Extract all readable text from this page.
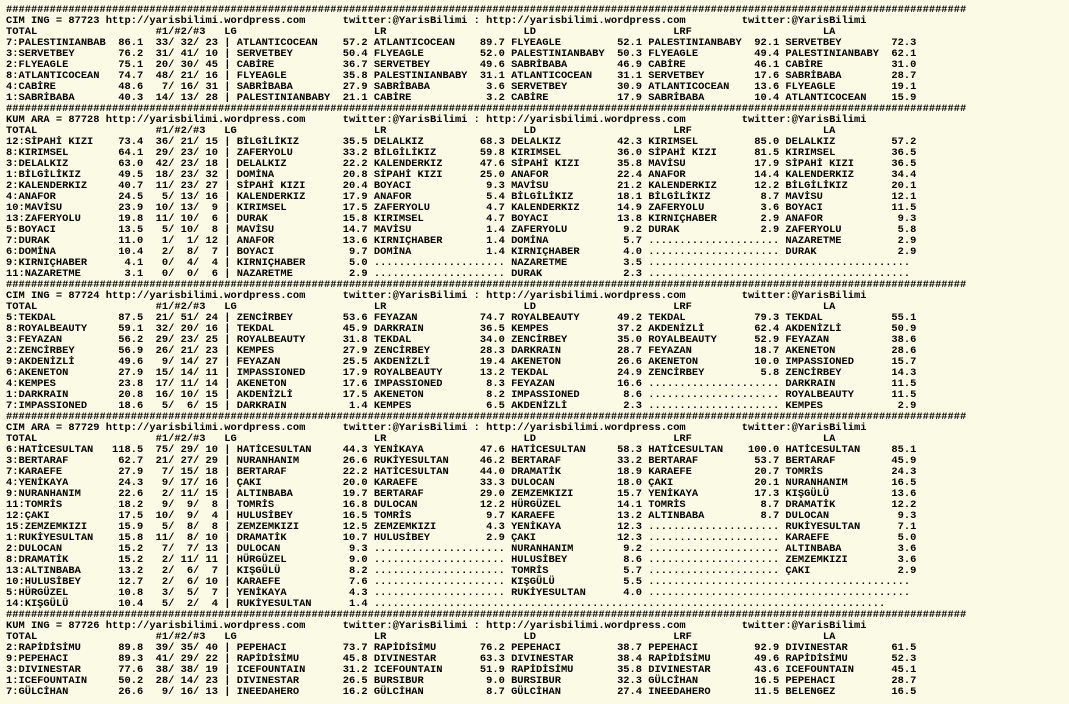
##########################################################################################################################################################
CIM ING = 87723 http://yarisbilimi.wordpress.com      twitter:@YarisBilimi : http://yarisbilimi.wordpress.com         twitter:@YarisBilimi
TOTAL                   #1/#2/#3   LG                      LR                      LD                      LRF                     LA
7:PALESTINIANBAB  86.1  33/ 32/ 23 | ATLANTICOCEAN    57.2 ATLANTICOCEAN    89.7 FLYEAGLE         52.1 PALESTINIANBABY  92.1 SERVETBEY        72.3
3:SERVETBEY       76.2  31/ 41/ 10 | SERVETBEY        50.4 FLYEAGLE         52.0 PALESTINIANBABY  50.3 FLYEAGLE         49.4 PALESTINIANBABY  62.1
2:FLYEAGLE        75.1  20/ 30/ 45 | CABİRE           36.7 SERVETBEY        49.6 SABRİBABA        46.9 CABİRE           46.1 CABİRE           31.0
8:ATLANTICOCEAN   74.7  48/ 21/ 16 | FLYEAGLE         35.8 PALESTINIANBABY  31.1 ATLANTICOCEAN    31.1 SERVETBEY        17.6 SABRİBABA        28.7
4:CABİRE          48.6   7/ 16/ 31 | SABRİBABA        27.9 SABRİBABA         3.6 SERVETBEY        30.9 ATLANTICOCEAN    13.6 FLYEAGLE         19.1
1:SABRİBABA       40.3  14/ 13/ 28 | PALESTINIANBABY  21.1 CABİRE            3.2 CABİRE           17.9 SABRİBABA        10.4 ATLANTICOCEAN    15.9
##########################################################################################################################################################
KUM ARA = 87728 http://yarisbilimi.wordpress.com      twitter:@YarisBilimi : http://yarisbilimi.wordpress.com         twitter:@YarisBilimi
TOTAL                   #1/#2/#3   LG                      LR                      LD                      LRF                     LA
12:SİPAHİ KIZI    73.4  36/ 21/ 15 | BİLGİLİKIZ       35.5 DELALKIZ         68.3 DELALKIZ         42.3 KIRIMSEL         85.0 DELALKIZ         57.2
8:KIRIMSEL        64.1  29/ 23/ 10 | ZAFERYOLU        33.2 BİLGİLİKIZ       59.8 KIRIMSEL         36.0 SİPAHİ KIZI      81.5 KIRIMSEL         36.5
3:DELALKIZ        63.0  42/ 23/ 18 | DELALKIZ         22.2 KALENDERKIZ      47.6 SİPAHİ KIZI      35.8 MAVİSU           17.9 SİPAHİ KIZI      36.5
1:BİLGİLİKIZ      49.5  18/ 23/ 32 | DOMİNA           20.8 SİPAHİ KIZI      25.0 ANAFOR           22.4 ANAFOR           14.4 KALENDERKIZ      34.4
2:KALENDERKIZ     40.7  11/ 23/ 27 | SİPAHİ KIZI      20.4 BOYACI            9.3 MAVİSU           21.2 KALENDERKIZ      12.2 BİLGİLİKIZ       20.1
4:ANAFOR          24.5   5/ 13/ 16 | KALENDERKIZ      17.9 ANAFOR            5.4 BİLGİLİKIZ       18.1 BİLGİLİKIZ        8.7 MAVİSU           12.1
10:MAVİSU         23.9  10/ 13/  9 | KIRIMSEL         17.5 ZAFERYOLU         4.7 KALENDERKIZ      14.9 ZAFERYOLU         3.6 BOYACI           11.5
13:ZAFERYOLU      19.8  11/ 10/  6 | DURAK            15.8 KIRIMSEL          4.7 BOYACI           13.8 KIRNIÇHABER       2.9 ANAFOR            9.3
5:BOYACI          13.5   5/ 10/  8 | MAVİSU           14.7 MAVİSU            1.4 ZAFERYOLU         9.2 DURAK             2.9 ZAFERYOLU         5.8
7:DURAK           11.0   1/  1/ 12 | ANAFOR           13.6 KIRNIÇHABER       1.4 DOMİNA            5.7 ..................... NAZARETME         2.9
6:DOMİNA          10.4   2/  8/  7 | BOYACI            9.7 DOMİNA            1.4 KIRNIÇHABER       4.0 ..................... DURAK             2.9
9:KIRNIÇHABER      4.1   0/  4/  4 | KIRNIÇHABER       5.0 ..................... NAZARETME         3.5 ..........................................
11:NAZARETME       3.1   0/  0/  6 | NAZARETME         2.9 ..................... DURAK             2.3 ..........................................
##########################################################################################################################################################
CIM ING = 87724 http://yarisbilimi.wordpress.com      twitter:@YarisBilimi : http://yarisbilimi.wordpress.com         twitter:@YarisBilimi
TOTAL                   #1/#2/#3   LG                      LR                      LD                      LRF                     LA
5:TEKDAL          87.5  21/ 51/ 24 | ZENCİRBEY        53.6 FEYAZAN          74.7 ROYALBEAUTY      49.2 TEKDAL           79.3 TEKDAL           55.1
8:ROYALBEAUTY     59.1  32/ 20/ 16 | TEKDAL           45.9 DARKRAIN         36.5 KEMPES           37.2 AKDENİZLİ        62.4 AKDENİZLİ        50.9
3:FEYAZAN         56.2  29/ 23/ 25 | ROYALBEAUTY      31.8 TEKDAL           34.0 ZENCİRBEY        35.0 ROYALBEAUTY      52.9 FEYAZAN          38.6
2:ZENCİRBEY       56.9  26/ 21/ 23 | KEMPES           27.9 ZENCİRBEY        28.3 DARKRAIN         28.7 FEYAZAN          18.7 AKENETON         28.6
9:AKDENİZLİ       49.6   9/ 14/ 27 | FEYAZAN          25.5 AKDENİZLİ        19.4 AKENETON         26.6 AKENETON         10.0 IMPASSIONED      15.7
6:AKENETON        27.9  15/ 14/ 11 | IMPASSIONED      17.9 ROYALBEAUTY      13.2 TEKDAL           24.9 ZENCİRBEY         5.8 ZENCİRBEY        14.3
4:KEMPES          23.8  17/ 11/ 14 | AKENETON         17.6 IMPASSIONED       8.3 FEYAZAN          16.6 ..................... DARKRAIN         11.5
1:DARKRAIN        20.8  16/ 10/ 15 | AKDENİZLİ        17.5 AKENETON          8.2 IMPASSIONED       8.6 ..................... ROYALBEAUTY      11.5
7:IMPASSIONED     18.6   5/  6/ 15 | DARKRAIN          1.4 KEMPES            6.5 AKDENİZLİ         2.3 ..................... KEMPES            2.9
##########################################################################################################################################################
CIM ARA = 87729 http://yarisbilimi.wordpress.com      twitter:@YarisBilimi : http://yarisbilimi.wordpress.com         twitter:@YarisBilimi
TOTAL                   #1/#2/#3   LG                      LR                      LD                      LRF                     LA
6:HATİCESULTAN   118.5  75/ 29/ 10 | HATİCESULTAN     44.3 YENİKAYA         47.6 HATİCESULTAN     58.3 HATİCESULTAN    100.0 HATİCESULTAN     85.1
3:BERTARAF        62.7  21/ 27/ 29 | NURANHANIM       26.6 RUKİYESULTAN     46.2 BERTARAF         33.2 BERTARAF         53.7 BERTARAF         45.9
7:KARAEFE         27.9   7/ 15/ 18 | BERTARAF         22.2 HATİCESULTAN     44.0 DRAMATİK         18.9 KARAEFE          20.7 TOMRİS           24.3
4:YENİKAYA        24.3   9/ 17/ 16 | ÇAKI             20.0 KARAEFE          33.3 DULOCAN          18.0 ÇAKI             20.1 NURANHANIM       16.5
9:NURANHANIM      22.6   2/ 11/ 15 | ALTINBABA        19.7 BERTARAF         29.0 ZEMZEMKIZI       15.7 YENİKAYA         17.3 KIŞGÜLÜ          13.6
11:TOMRİS         18.2   9/  9/  8 | TOMRİS           16.8 DULOCAN          12.2 HÜRGÜZEL         14.1 TOMRİS            8.7 DRAMATİK         12.2
12:ÇAKI           17.5  10/  9/  4 | HULUSİBEY        16.5 TOMRİS            9.7 KARAEFE          13.2 ALTINBABA         8.7 DULOCAN           9.3
15:ZEMZEMKIZI     15.9   5/  8/  8 | ZEMZEMKIZI       12.5 ZEMZEMKIZI        4.3 YENİKAYA         12.3 ..................... RUKİYESULTAN      7.1
1:RUKİYESULTAN    15.8  11/  8/ 10 | DRAMATİK         10.7 HULUSİBEY         2.9 ÇAKI             12.3 ..................... KARAEFE           5.0
2:DULOCAN         15.2   7/  7/ 13 | DULOCAN           9.3 ..................... NURANHANIM        9.2 ..................... ALTINBABA         3.6
8:DRAMATİK        15.2   2/ 11/ 11 | HÜRGÜZEL          9.0 ..................... HULUSİBEY         8.6 ..................... ZEMZEMKIZI        3.6
13:ALTINBABA      13.2   2/  6/  7 | KIŞGÜLÜ           8.2 ..................... TOMRİS            5.7 ..................... ÇAKI              2.9
10:HULUSİBEY      12.7   2/  6/ 10 | KARAEFE           7.6 ..................... KIŞGÜLÜ           5.5 ..........................................
5:HÜRGÜZEL        10.8   3/  5/  7 | YENİKAYA          4.3 ..................... RUKİYESULTAN      4.0 ..........................................
14:KIŞGÜLÜ        10.4   5/  2/  4 | RUKİYESULTAN      1.4 ..................................................................................
##########################################################################################################################################################
KUM ING = 87726 http://yarisbilimi.wordpress.com      twitter:@YarisBilimi : http://yarisbilimi.wordpress.com         twitter:@YarisBilimi
TOTAL                   #1/#2/#3   LG                      LR                      LD                      LRF                     LA
2:RAPİDİSİMU      89.8  39/ 35/ 40 | PEPEHACI         73.7 RAPİDİSİMU       76.2 PEPEHACI         38.7 PEPEHACI         92.9 DIVINESTAR       61.5
9:PEPEHACI        89.3  41/ 29/ 22 | RAPİDİSİMU       45.8 DIVINESTAR       63.3 DIVINESTAR       38.4 RAPİDİSİMU       49.6 RAPİDİSİMU       52.3
3:DIVINESTAR      77.6  38/ 38/ 19 | ICEFOUNTAIN      31.2 ICEFOUNTAIN      51.9 RAPİDİSİMU       35.8 DIVINESTAR       43.6 ICEFOUNTAIN      45.1
1:ICEFOUNTAIN     50.2  28/ 14/ 23 | DIVINESTAR       26.5 BURSIBUR          9.0 BURSIBUR         32.3 GÜLCİHAN         16.5 PEPEHACI         28.7
7:GÜLCİHAN        26.6   9/ 16/ 13 | INEEDAHERO       16.2 GÜLCİHAN          8.7 GÜLCİHAN         27.4 INEEDAHERO       11.5 BELENGEZ         16.5
